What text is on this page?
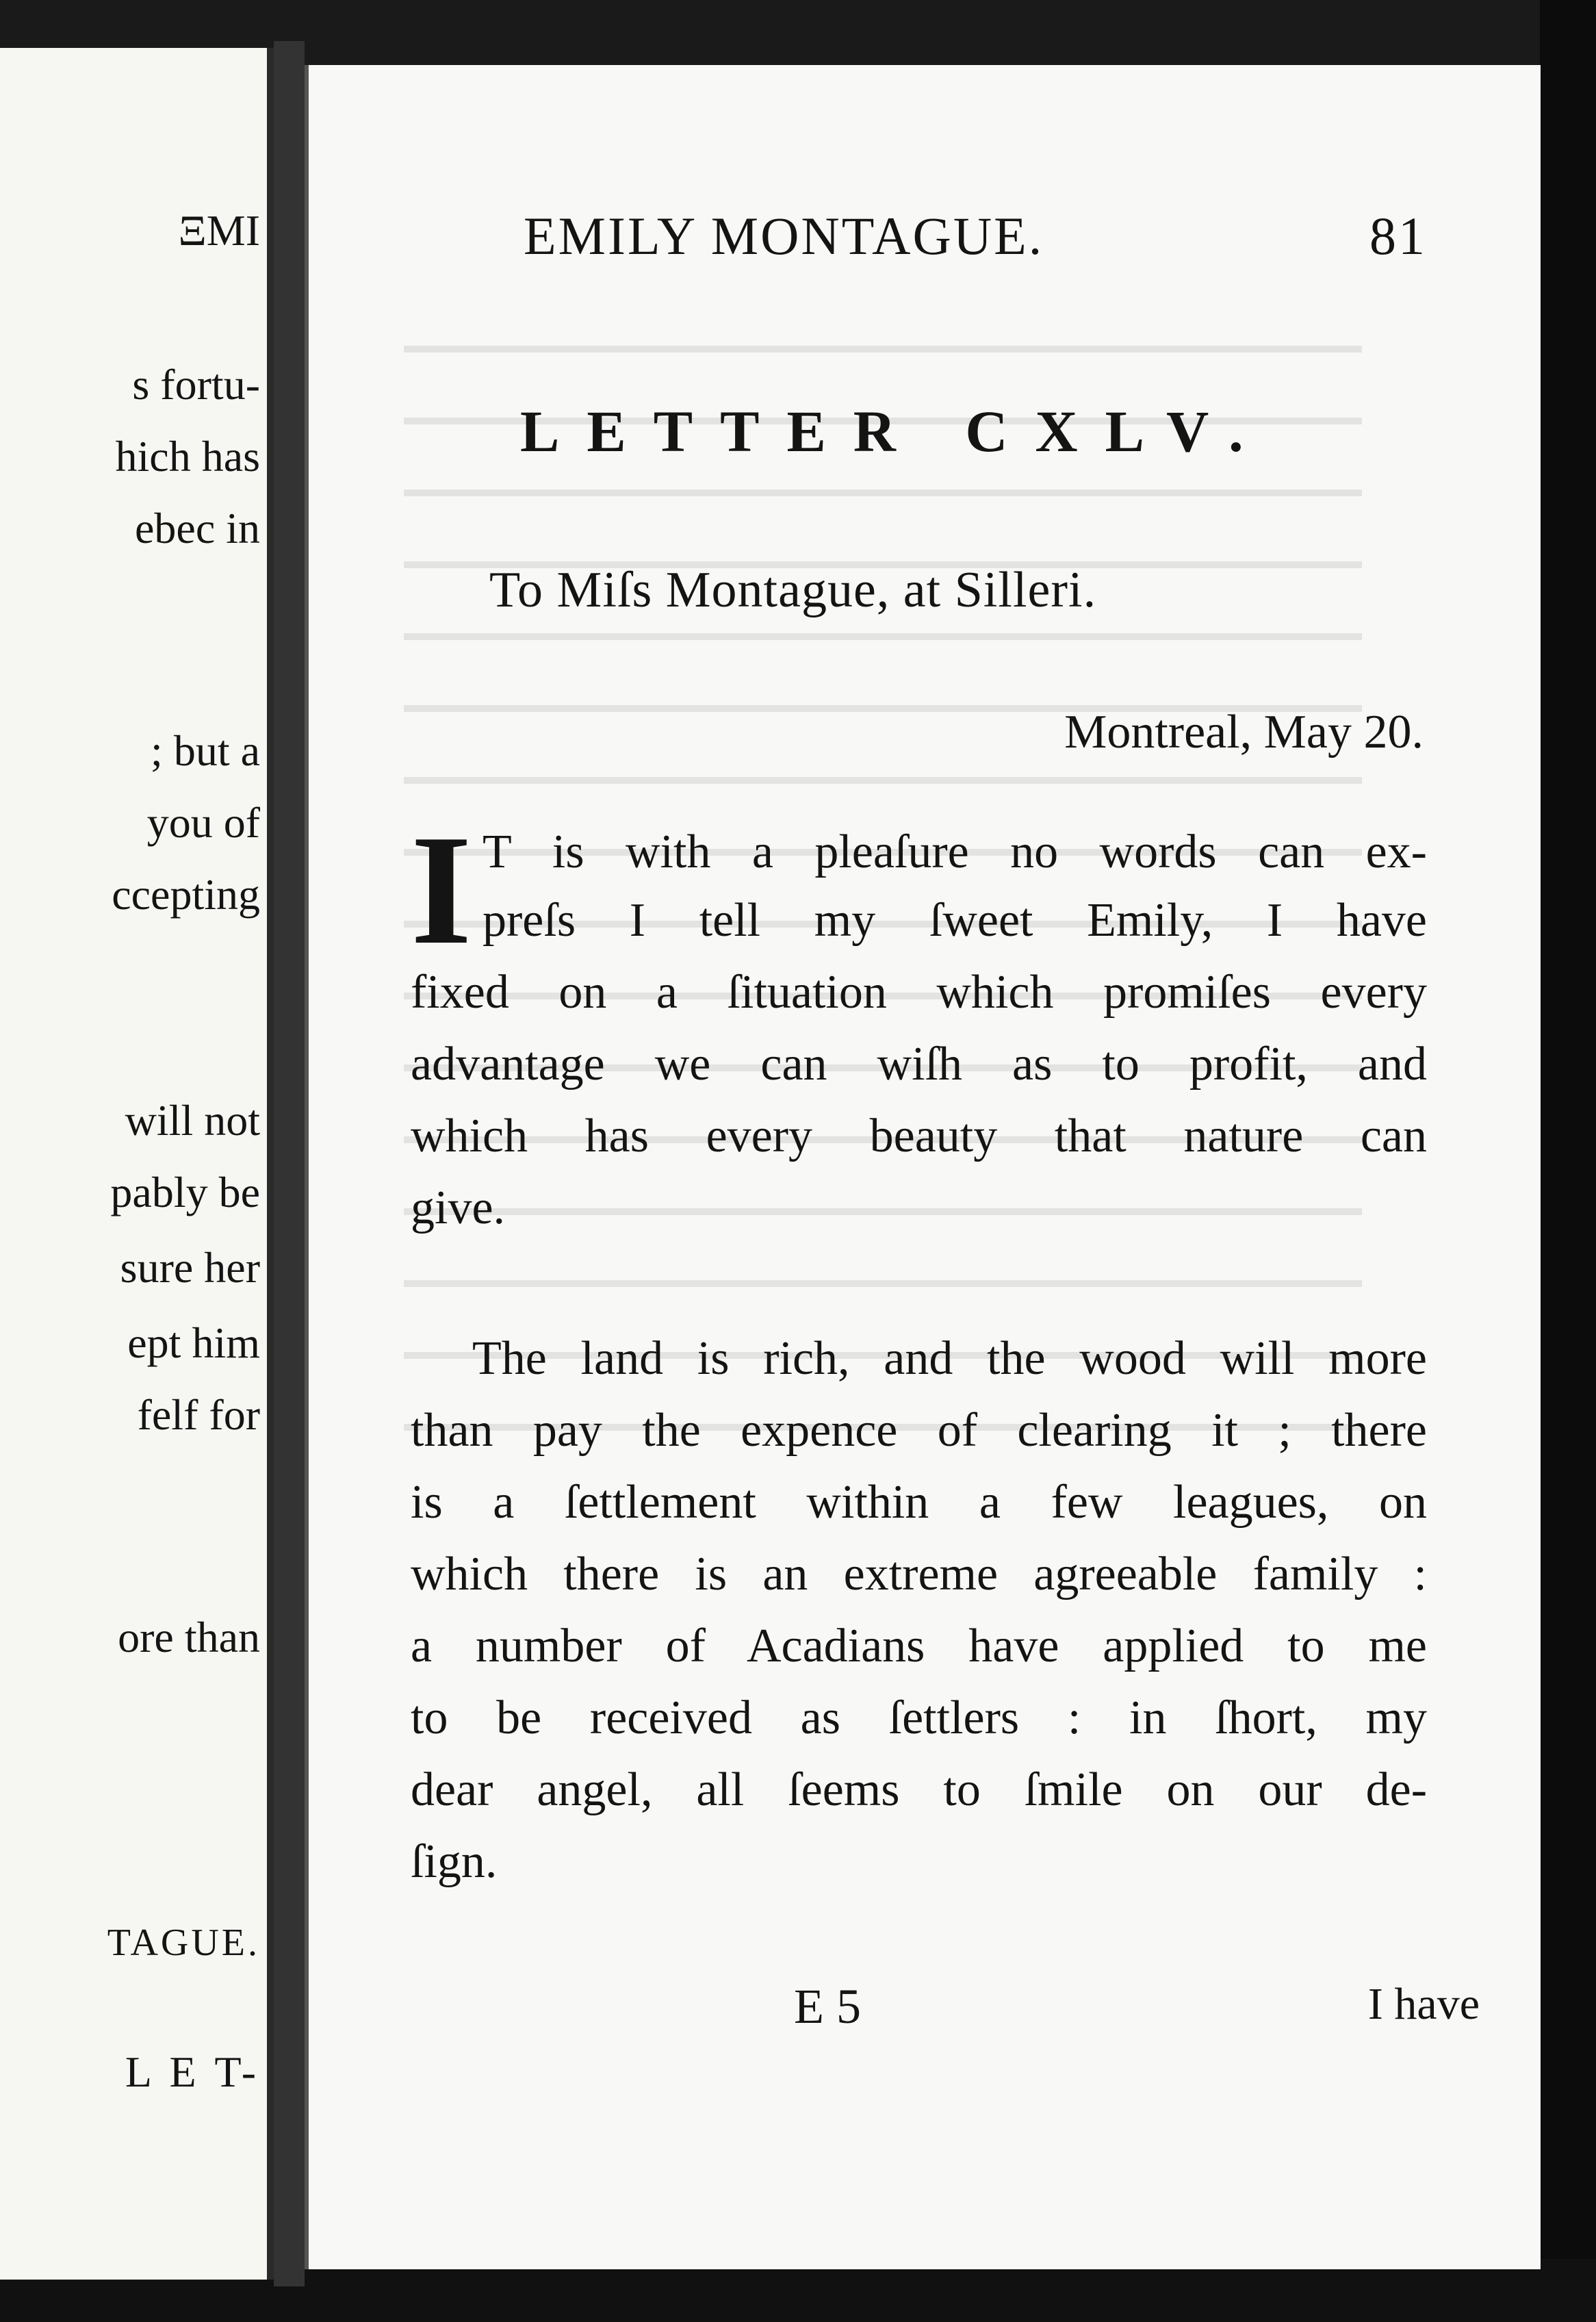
ΞMI
s fortu-
hich has
ebec in
; but a
you of
ccepting
will not
pably be
sure her
ept him
felf for
ore than
TAGUE.
L E T-
EMILY MONTAGUE.	81
LETTER CXLV.
To Miſs Montague, at Silleri.
Montreal, May 20.
I T is with a pleaſure no words can ex-
preſs I tell my ſweet Emily, I have
fixed on a ſituation which promiſes every
advantage we can wiſh as to profit, and
which has every beauty that nature can
give.
The land is rich, and the wood will more
than pay the expence of clearing it ; there
is a ſettlement within a few leagues, on
which there is an extreme agreeable family :
a number of Acadians have applied to me
to be received as ſettlers : in ſhort, my
dear angel, all ſeems to ſmile on our de-
ſign.
E 5	I have
